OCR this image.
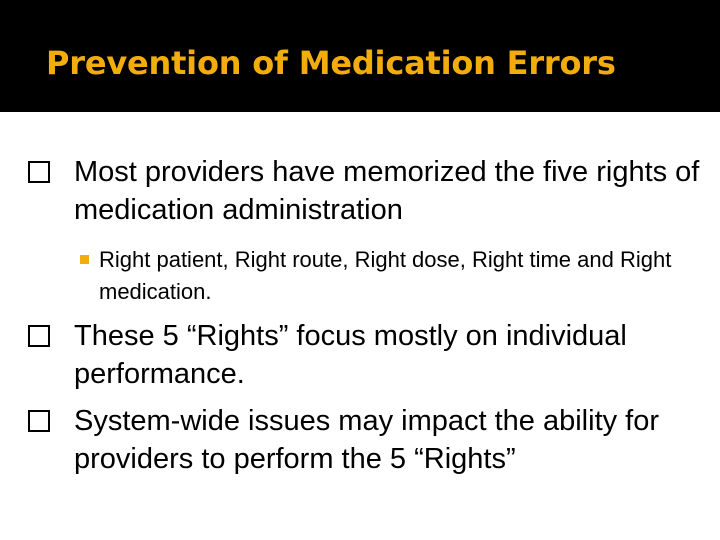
Prevention of Medication Errors
Most providers have memorized the five rights of medication administration
Right patient, Right route, Right dose, Right time and Right medication.
These 5 “Rights” focus mostly on individual performance.
System-wide issues may impact the ability for providers to perform the 5 “Rights”
